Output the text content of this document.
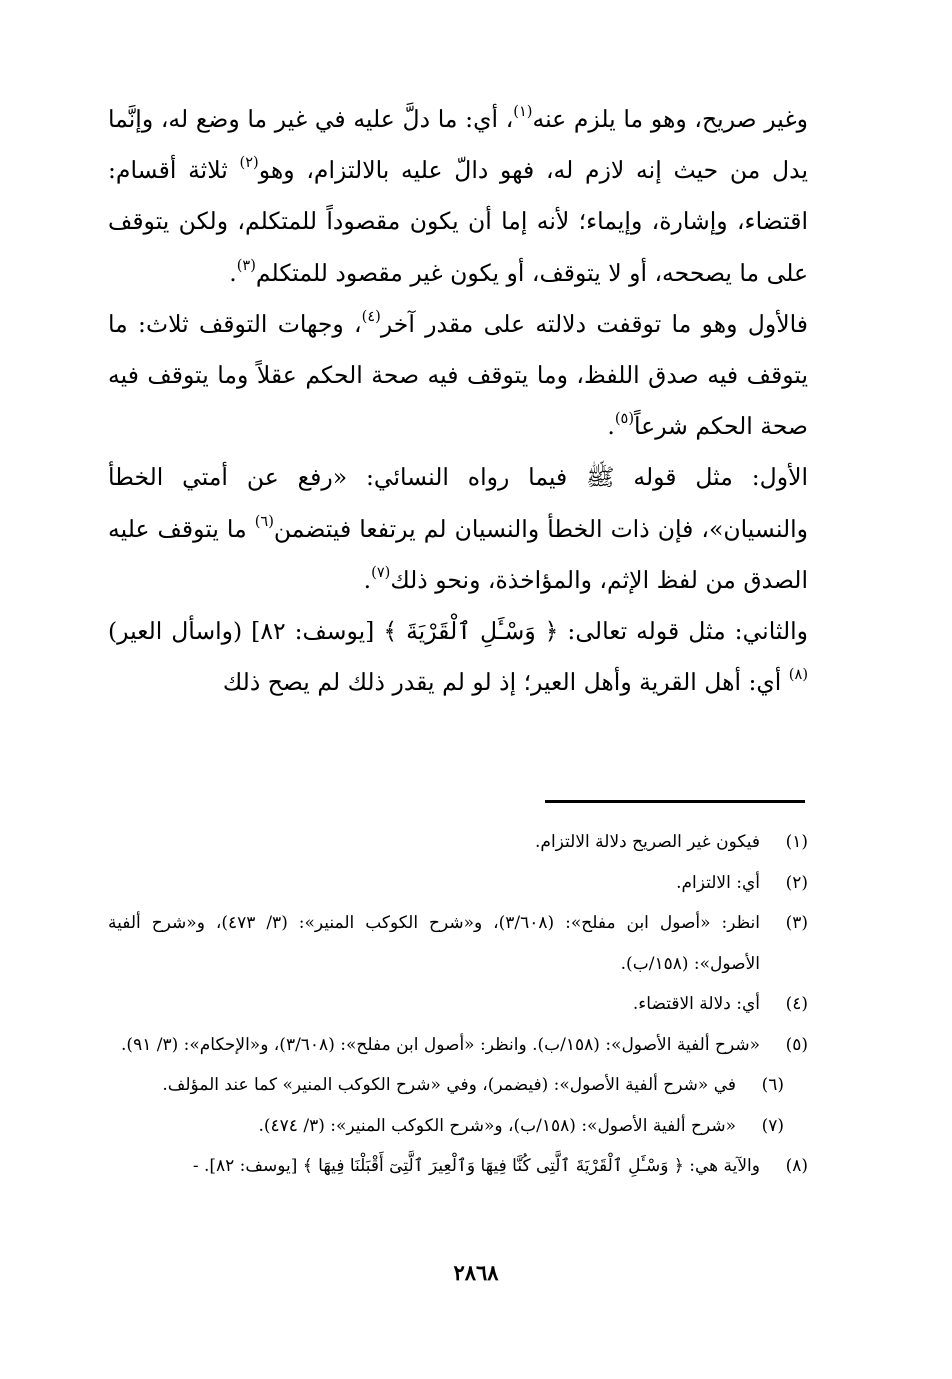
وغير صريح، وهو ما يلزم عنه$^{(١)}$، أي: ما دلَّ عليه في غير ما وضع له، وإنَّما يدل من حيث إنه لازم له، فهو دالّ عليه بالالتزام، وهو$^{(٢)}$ ثلاثة أقسام: اقتضاء، وإشارة، وإيماء؛ لأنه إما أن يكون مقصوداً للمتكلم، ولكن يتوقف على ما يصححه، أو لا يتوقف، أو يكون غير مقصود للمتكلم$^{(٣)}$.

فالأول وهو ما توقفت دلالته على مقدر آخر$^{(٤)}$، وجهات التوقف ثلاث: ما يتوقف فيه صدق اللفظ، وما يتوقف فيه صحة الحكم عقلاً وما يتوقف فيه صحة الحكم شرعاً$^{(٥)}$.

الأول: مثل قوله ﷺ فيما رواه النسائي: «رفع عن أمتي الخطأ والنسيان»، فإن ذات الخطأ والنسيان لم يرتفعا فيتضمن$^{(٦)}$ ما يتوقف عليه الصدق من لفظ الإثم، والمؤاخذة، ونحو ذلك$^{(٧)}$.

والثاني: مثل قوله تعالى: ﴿ وَسْـَٔلِ ٱلْقَرْيَةَ ﴾ [يوسف: ٨٢] (واسأل العير)$^{(٨)}$ أي: أهل القرية وأهل العير؛ إذ لو لم يقدر ذلك لم يصح ذلك

(١)
فيكون غير الصريح دلالة الالتزام.
(٢)
أي: الالتزام.
(٣)
انظر: «أصول ابن مفلح»: (٣/٦٠٨)، و«شرح الكوكب المنير»: (٣/ ٤٧٣)، و«شرح ألفية الأصول»: (١٥٨/ب).
(٤)
أي: دلالة الاقتضاء.
(٥)
«شرح ألفية الأصول»: (١٥٨/ب). وانظر: «أصول ابن مفلح»: (٣/٦٠٨)، و«الإحكام»: (٣/ ٩١).
(٦)
في «شرح ألفية الأصول»: (فيضمر)، وفي «شرح الكوكب المنير» كما عند المؤلف.
(٧)
«شرح ألفية الأصول»: (١٥٨/ب)، و«شرح الكوكب المنير»: (٣/ ٤٧٤).
(٨)
والآية هي: ﴿ وَسْـَٔلِ ٱلْقَرْيَةَ ٱلَّتِى كُنَّا فِيهَا وَٱلْعِيرَ ٱلَّتِىٓ أَقْبَلْنَا فِيهَا ﴾ [يوسف: ٨٢]. -
٢٨٦٨
